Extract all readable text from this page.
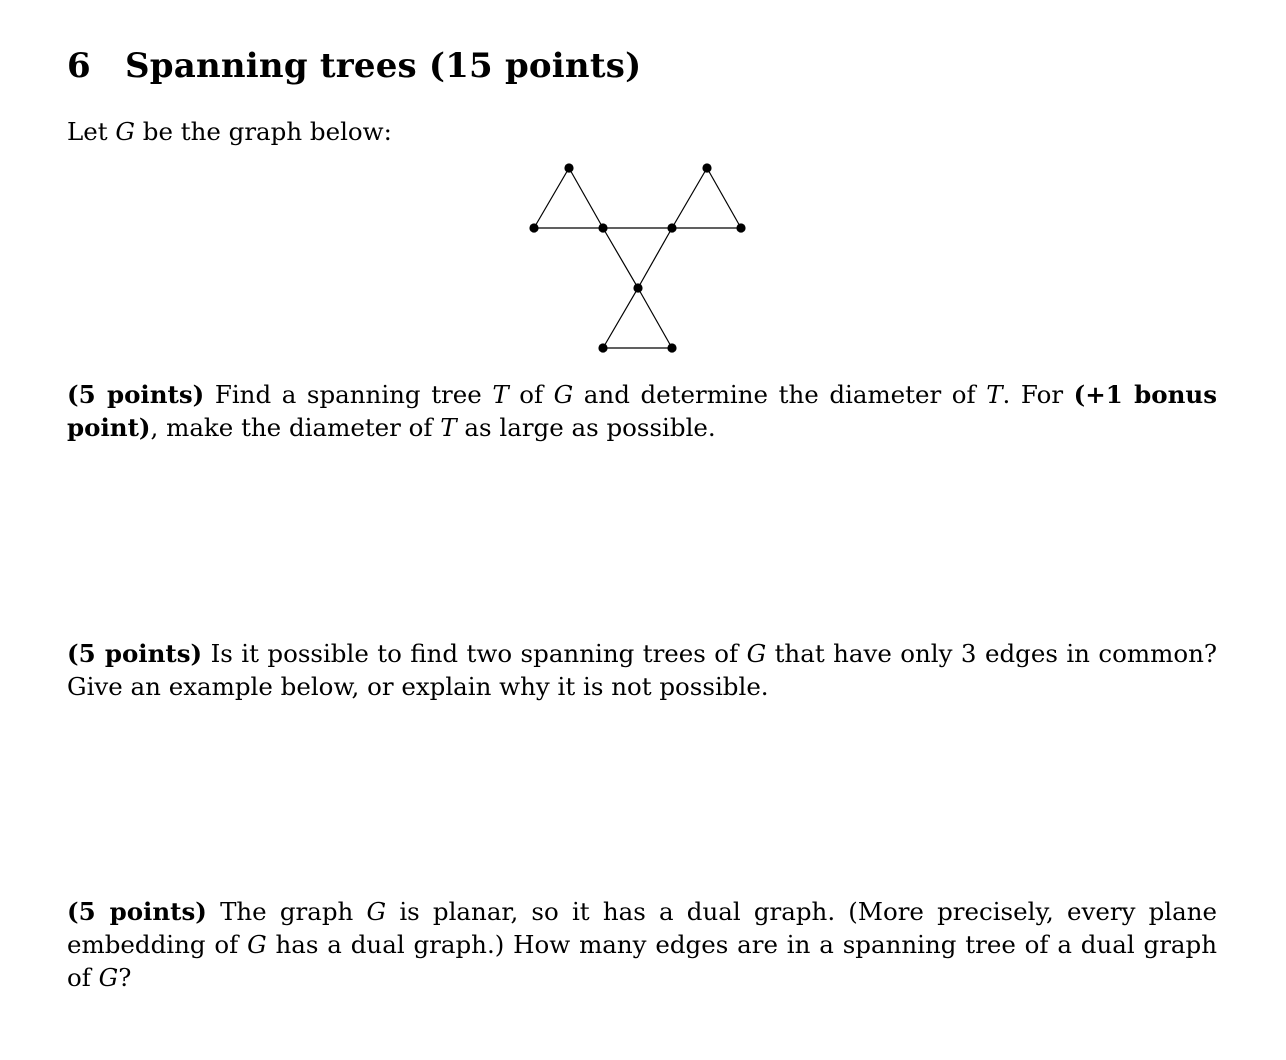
6 Spanning trees (15 points)
Let G be the graph below:
(5 points) Find a spanning tree T of G and determine the diameter of T. For (+1 bonus point), make the diameter of T as large as possible.
(5 points) Is it possible to find two spanning trees of G that have only 3 edges in common? Give an example below, or explain why it is not possible.
(5 points) The graph G is planar, so it has a dual graph. (More precisely, every plane embedding of G has a dual graph.) How many edges are in a spanning tree of a dual graph of G?
